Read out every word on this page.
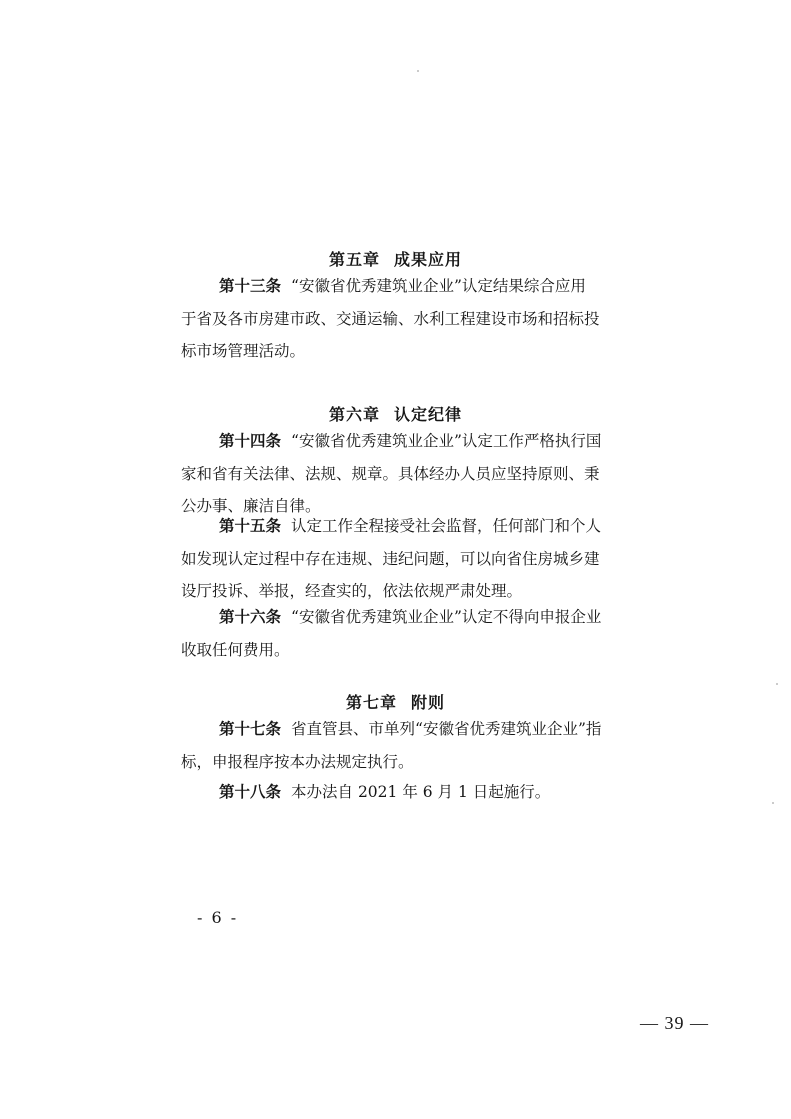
第五章 成果应用

第十三条 “安徽省优秀建筑业企业”认定结果综合应用
于省及各市房建市政、交通运输、水利工程建设市场和招标投
标市场管理活动。

第六章 认定纪律

第十四条 “安徽省优秀建筑业企业”认定工作严格执行国
家和省有关法律、法规、规章。具体经办人员应坚持原则、秉
公办事、廉洁自律。

第十五条 认定工作全程接受社会监督，任何部门和个人
如发现认定过程中存在违规、违纪问题，可以向省住房城乡建
设厅投诉、举报，经查实的，依法依规严肃处理。

第十六条 “安徽省优秀建筑业企业”认定不得向申报企业
收取任何费用。

第七章 附则

第十七条 省直管县、市单列“安徽省优秀建筑业企业”指
标，申报程序按本办法规定执行。

第十八条 本办法自 2021 年 6 月 1 日起施行。

- 6 -
— 39 —
